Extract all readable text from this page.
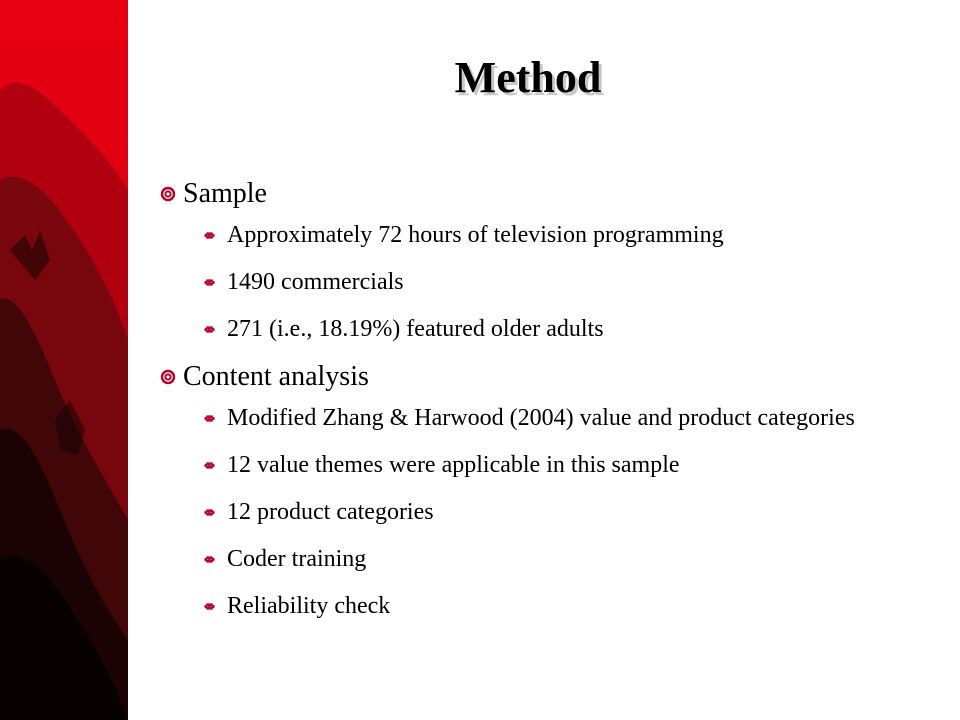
Method
Sample
Approximately 72 hours of television programming
1490 commercials
271 (i.e., 18.19%) featured older adults
Content analysis
Modified Zhang & Harwood (2004) value and product categories
12 value themes were applicable in this sample
12 product categories
Coder training
Reliability check
